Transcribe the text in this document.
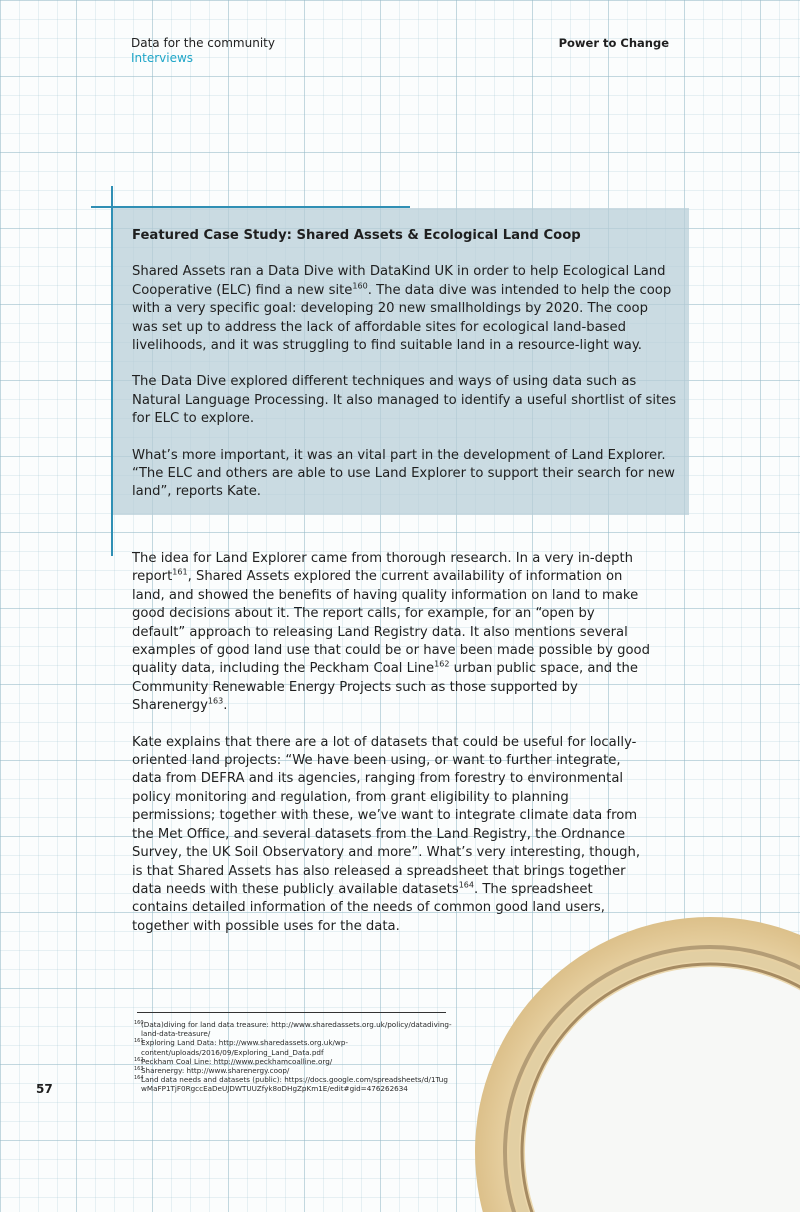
Data for the community
Interviews
Power to Change
Featured Case Study: Shared Assets & Ecological Land Coop

Shared Assets ran a Data Dive with DataKind UK in order to help Ecological Land Cooperative (ELC) find a new site$^{160}$. The data dive was intended to help the coop with a very specific goal: developing 20 new smallholdings by 2020. The coop was set up to address the lack of affordable sites for ecological land-based livelihoods, and it was struggling to find suitable land in a resource-light way.

The Data Dive explored different techniques and ways of using data such as Natural Language Processing. It also managed to identify a useful shortlist of sites for ELC to explore.

What’s more important, it was an vital part in the development of Land Explorer. “The ELC and others are able to use Land Explorer to support their search for new land”, reports Kate.

The idea for Land Explorer came from thorough research. In a very in-depth report$^{161}$, Shared Assets explored the current availability of information on land, and showed the benefits of having quality information on land to make good decisions about it. The report calls, for example, for an “open by default” approach to releasing Land Registry data. It also mentions several examples of good land use that could be or have been made possible by good quality data, including the Peckham Coal Line$^{162}$ urban public space, and the Community Renewable Energy Projects such as those supported by Sharenergy$^{163}$.

Kate explains that there are a lot of datasets that could be useful for locally-oriented land projects: “We have been using, or want to further integrate, data from DEFRA and its agencies, ranging from forestry to environmental policy monitoring and regulation, from grant eligibility to planning permissions; together with these, we’ve want to integrate climate data from the Met Office, and several datasets from the Land Registry, the Ordnance Survey, the UK Soil Observatory and more”. What’s very interesting, though, is that Shared Assets has also released a spreadsheet that brings together data needs with these publicly available datasets$^{164}$. The spreadsheet contains detailed information of the needs of common good land users, together with possible uses for the data.

160
(Data)diving for land data treasure: http://www.sharedassets.org.uk/policy/datadiving-land-data-treasure/
161
Exploring Land Data: http://www.sharedassets.org.uk/wp-content/uploads/2016/09/Exploring_Land_Data.pdf
162
Peckham Coal Line: http://www.peckhamcoalline.org/
163
Sharenergy: http://www.sharenergy.coop/
164
Land data needs and datasets (public): https://docs.google.com/spreadsheets/d/1TugwMaFP1TjF0RgccEaDeUJDWTUUZfyk8oDHgZpKm1E/edit#gid=476262634
57
